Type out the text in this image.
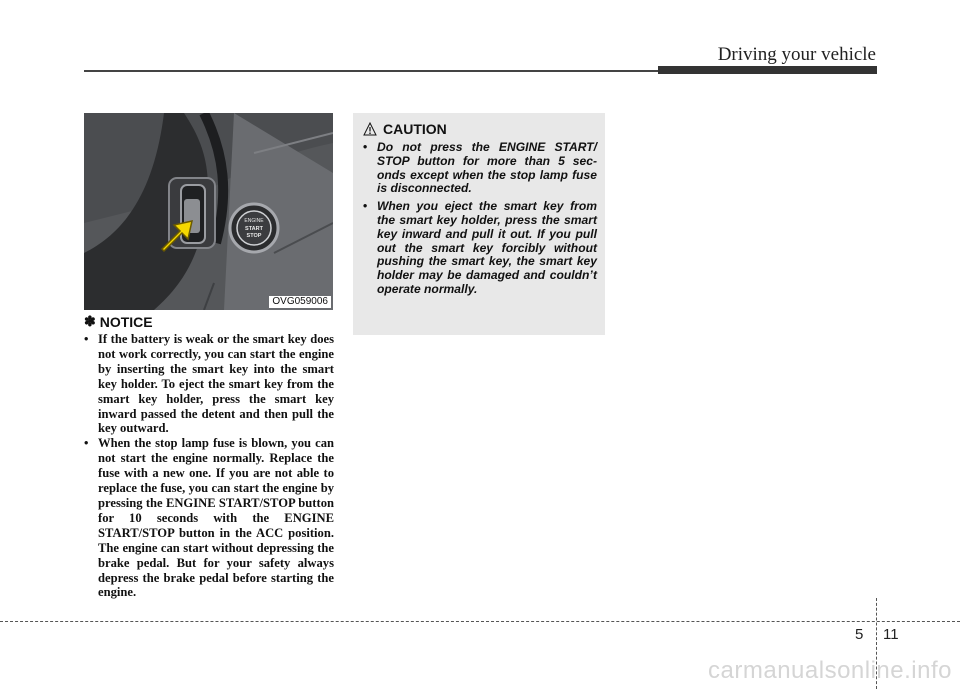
Driving your vehicle
ENGINE
START
STOP
OVG059006
✽ NOTICE
• If the battery is weak or the smart key does not work correctly, you can start the engine by inserting the smart key into the smart key holder. To eject the smart key from the smart key holder, press the smart key inward passed the detent and then pull the key outward.
• When the stop lamp fuse is blown, you can not start the engine normally. Replace the fuse with a new one. If you are not able to replace the fuse, you can start the engine by pressing the ENGINE START/STOP button for 10 seconds with the ENGINE START/STOP button in the ACC position. The engine can start without depressing the brake pedal. But for your safety always depress the brake pedal before starting the engine.
CAUTION
• Do not press the ENGINE START/ STOP button for more than 5 sec- onds except when the stop lamp fuse is disconnected.
• When you eject the smart key from the smart key holder, press the smart key inward and pull it out. If you pull out the smart key forcibly without pushing the smart key, the smart key holder may be damaged and couldn’t operate normally.
5 11
carmanualsonline.info
